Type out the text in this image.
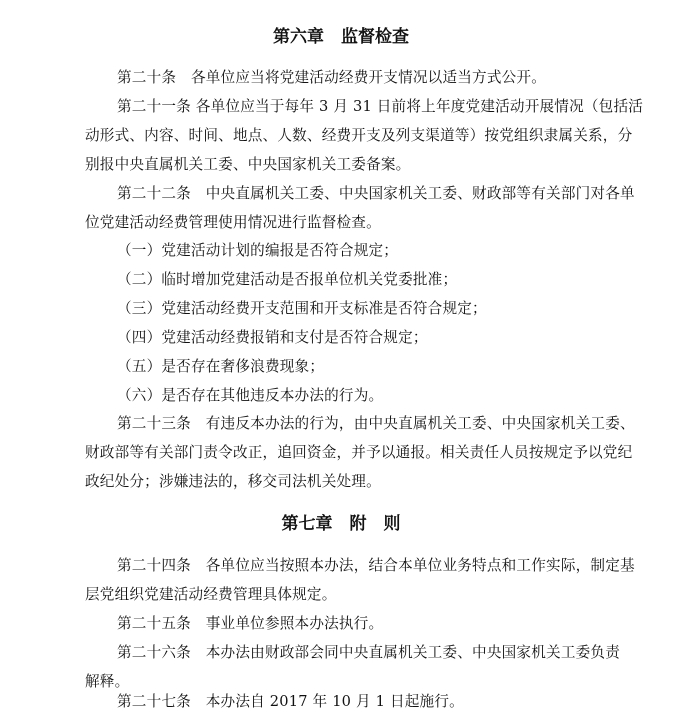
第六章　监督检查

第二十条　各单位应当将党建活动经费开支情况以适当方式公开。

第二十一条 各单位应当于每年 3 月 31 日前将上年度党建活动开展情况（包括活

动形式、内容、时间、地点、人数、经费开支及列支渠道等）按党组织隶属关系，分

别报中央直属机关工委、中央国家机关工委备案。

第二十二条　中央直属机关工委、中央国家机关工委、财政部等有关部门对各单

位党建活动经费管理使用情况进行监督检查。

（一）党建活动计划的编报是否符合规定；

（二）临时增加党建活动是否报单位机关党委批准；

（三）党建活动经费开支范围和开支标准是否符合规定；

（四）党建活动经费报销和支付是否符合规定；

（五）是否存在奢侈浪费现象；

（六）是否存在其他违反本办法的行为。

第二十三条　有违反本办法的行为，由中央直属机关工委、中央国家机关工委、

财政部等有关部门责令改正，追回资金，并予以通报。相关责任人员按规定予以党纪

政纪处分；涉嫌违法的，移交司法机关处理。

第七章　附　则

第二十四条　各单位应当按照本办法，结合本单位业务特点和工作实际，制定基

层党组织党建活动经费管理具体规定。

第二十五条　事业单位参照本办法执行。

第二十六条　本办法由财政部会同中央直属机关工委、中央国家机关工委负责

解释。

第二十七条　本办法自 2017 年 10 月 1 日起施行。
